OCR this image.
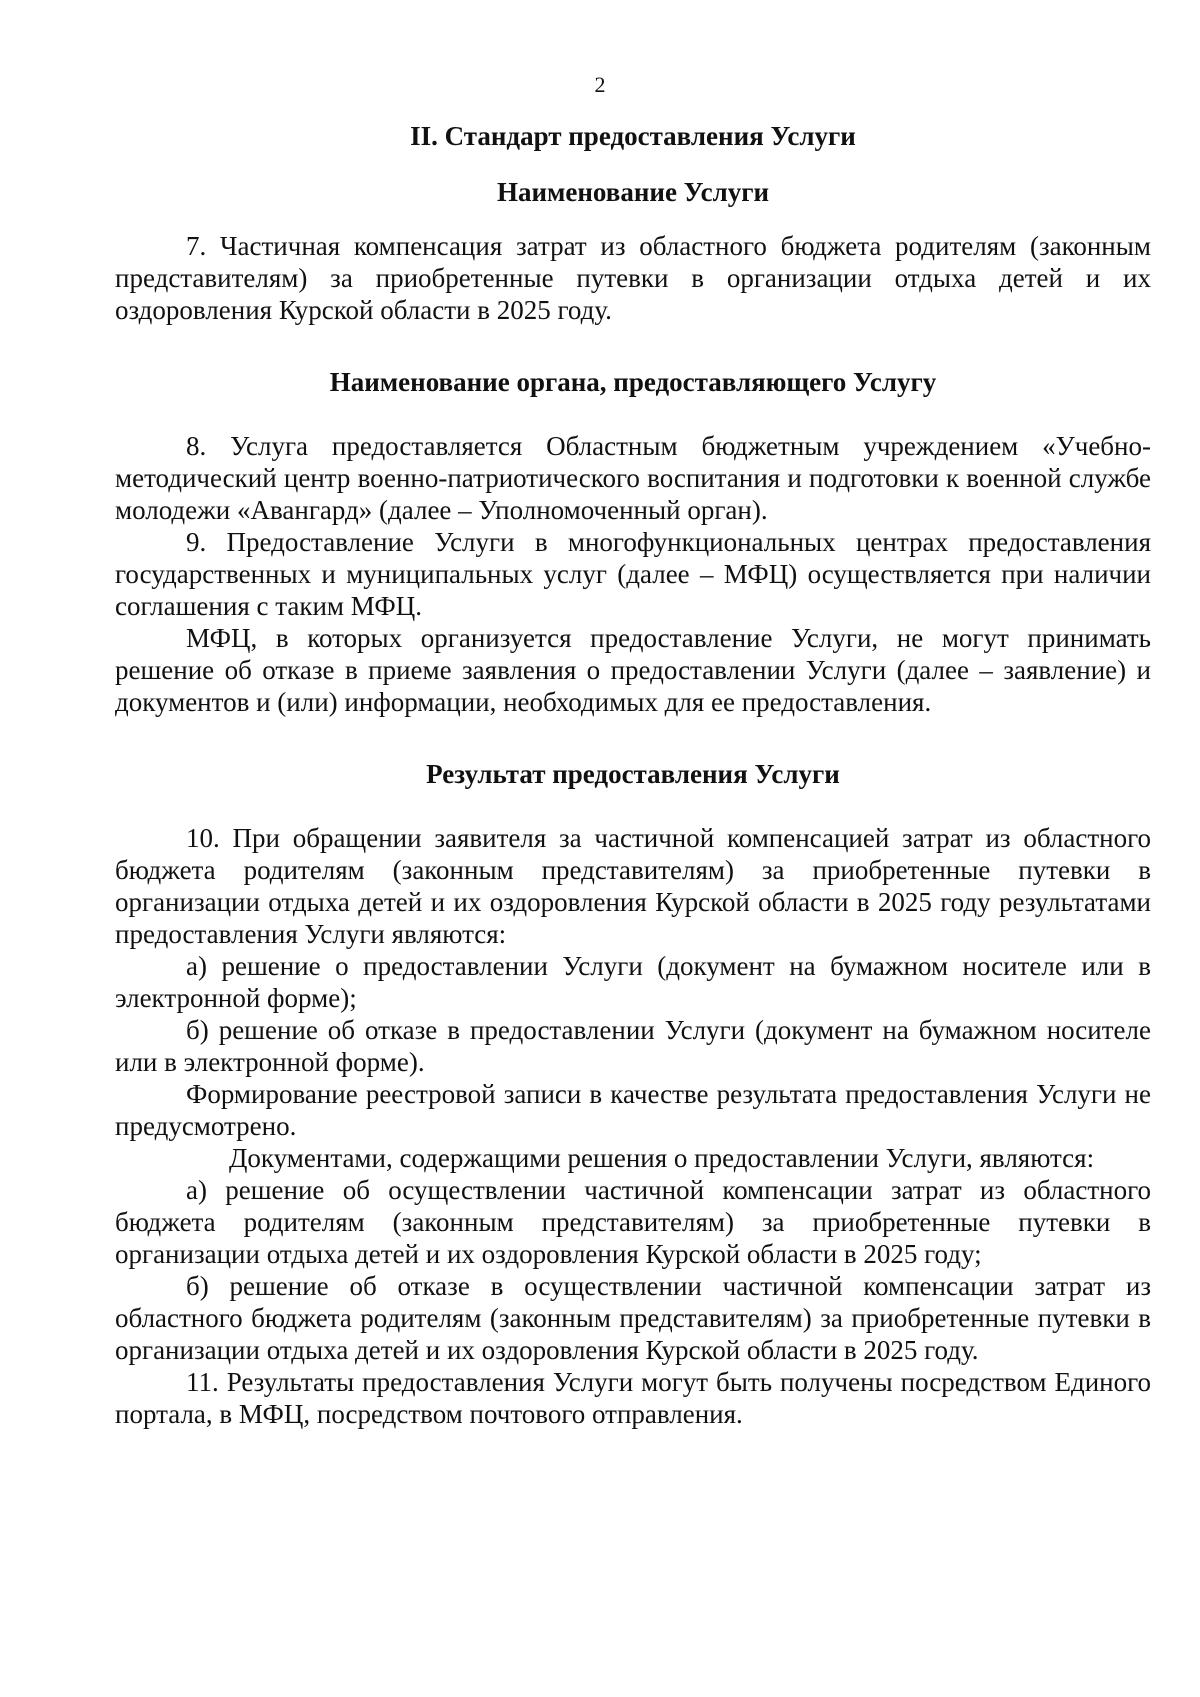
2

II. Стандарт предоставления Услуги

Наименование Услуги

7. Частичная компенсация затрат из областного бюджета родителям (законным представителям) за приобретенные путевки в организации отдыха детей и их оздоровления Курской области в 2025 году.

Наименование органа, предоставляющего Услугу

8. Услуга предоставляется Областным бюджетным учреждением «Учебно-методический центр военно-патриотического воспитания и подготовки к военной службе молодежи «Авангард» (далее – Уполномоченный орган).

9. Предоставление Услуги в многофункциональных центрах предоставления государственных и муниципальных услуг (далее – МФЦ) осуществляется при наличии соглашения с таким МФЦ.

МФЦ, в которых организуется предоставление Услуги, не могут принимать решение об отказе в приеме заявления о предоставлении Услуги (далее – заявление) и документов и (или) информации, необходимых для ее предоставления.

Результат предоставления Услуги

10. При обращении заявителя за частичной компенсацией затрат из областного бюджета родителям (законным представителям) за приобретенные путевки в организации отдыха детей и их оздоровления Курской области в 2025 году результатами предоставления Услуги являются:

а) решение о предоставлении Услуги (документ на бумажном носителе или в электронной форме);

б) решение об отказе в предоставлении Услуги (документ на бумажном носителе или в электронной форме).

Формирование реестровой записи в качестве результата предоставления Услуги не предусмотрено.

Документами, содержащими решения о предоставлении Услуги, являются:

а) решение об осуществлении частичной компенсации затрат из областного бюджета родителям (законным представителям) за приобретенные путевки в организации отдыха детей и их оздоровления Курской области в 2025 году;

б) решение об отказе в осуществлении частичной компенсации затрат из областного бюджета родителям (законным представителям) за приобретенные путевки в организации отдыха детей и их оздоровления Курской области в 2025 году.

11. Результаты предоставления Услуги могут быть получены посредством Единого портала, в МФЦ, посредством почтового отправления.
